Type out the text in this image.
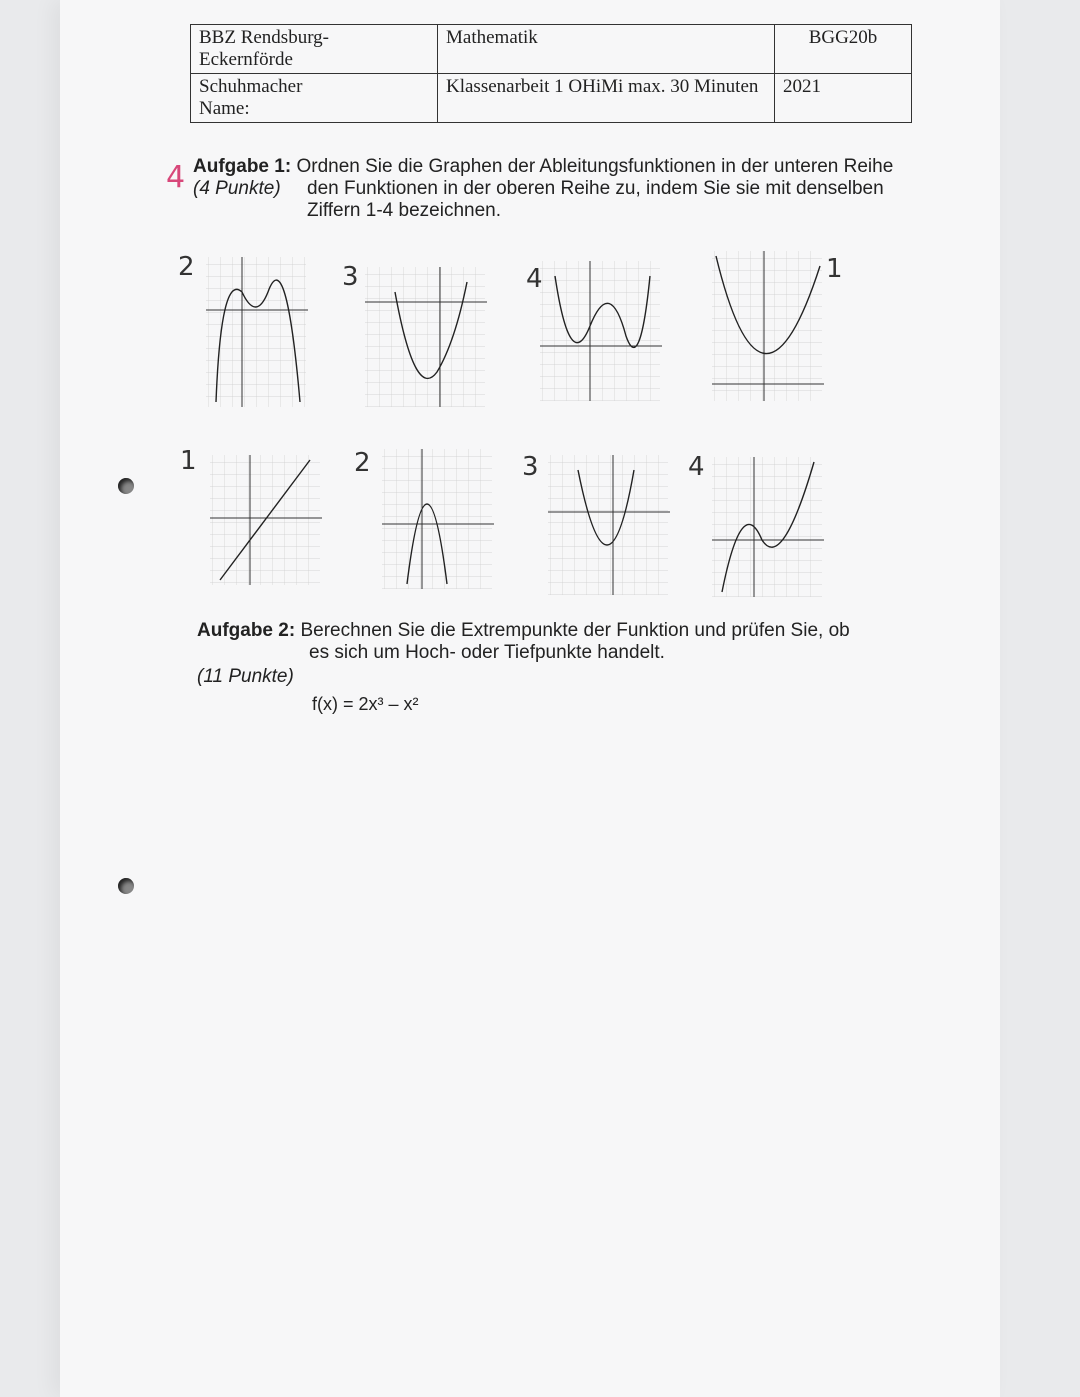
BBZ Rendsburg-
Eckernförde	Mathematik	BGG20b

Schuhmacher
Name:	Klassenarbeit 1 OHiMi max. 30 Minuten	2021
4 Aufgabe 1: Ordnen Sie die Graphen der Ableitungsfunktionen in der unteren Reihe
(4 Punkte)	den Funktionen in der oberen Reihe zu, indem Sie sie mit denselben
Ziffern 1-4 bezeichnen.
2	3	4	1
1	2	3	4
Aufgabe 2: Berechnen Sie die Extrempunkte der Funktion und prüfen Sie, ob
es sich um Hoch- oder Tiefpunkte handelt.
(11 Punkte)
f(x) = 2x³ – x²
